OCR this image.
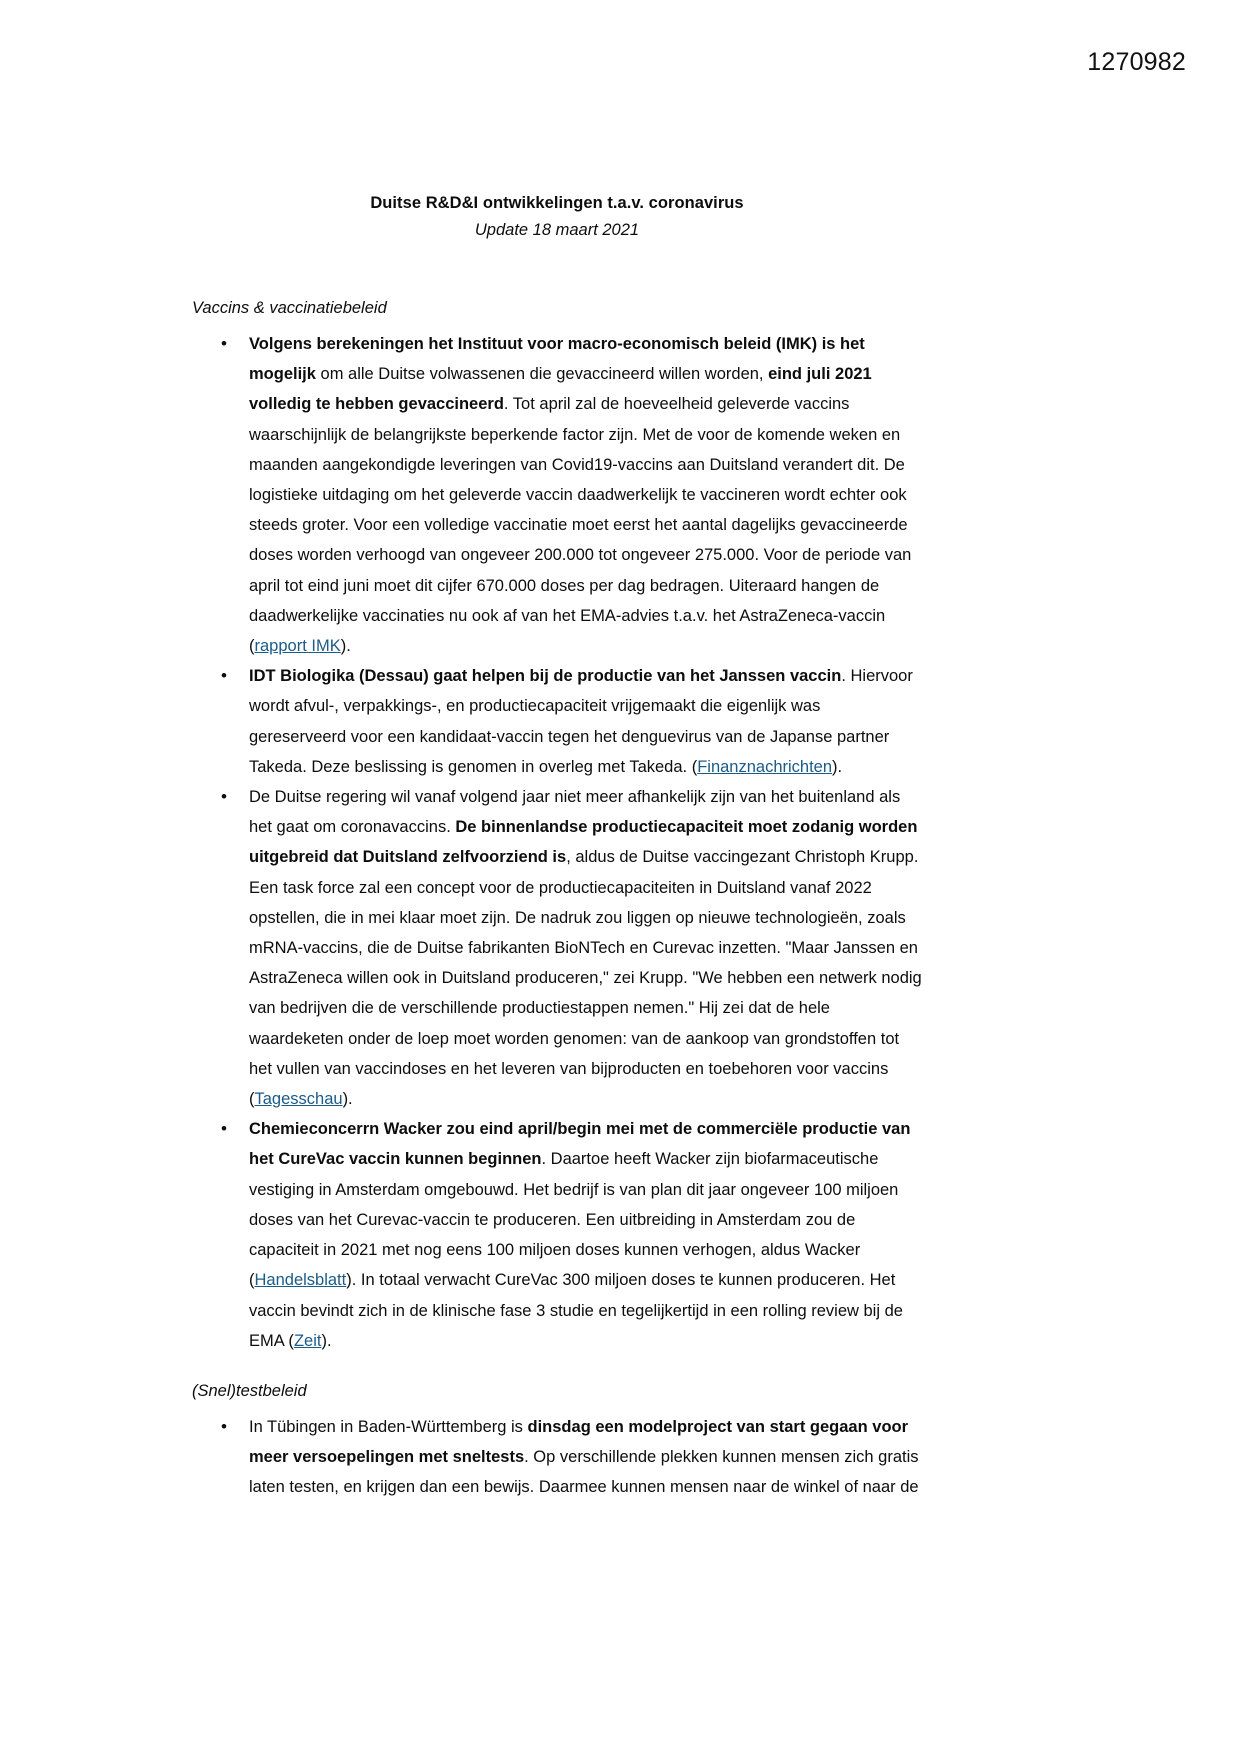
1270982
Duitse R&D&I ontwikkelingen t.a.v. coronavirus
Update 18 maart 2021
Vaccins & vaccinatiebeleid
• Volgens berekeningen het Instituut voor macro-economisch beleid (IMK) is het mogelijk om alle Duitse volwassenen die gevaccineerd willen worden, eind juli 2021 volledig te hebben gevaccineerd. Tot april zal de hoeveelheid geleverde vaccins waarschijnlijk de belangrijkste beperkende factor zijn. Met de voor de komende weken en maanden aangekondigde leveringen van Covid19-vaccins aan Duitsland verandert dit. De logistieke uitdaging om het geleverde vaccin daadwerkelijk te vaccineren wordt echter ook steeds groter. Voor een volledige vaccinatie moet eerst het aantal dagelijks gevaccineerde doses worden verhoogd van ongeveer 200.000 tot ongeveer 275.000. Voor de periode van april tot eind juni moet dit cijfer 670.000 doses per dag bedragen. Uiteraard hangen de daadwerkelijke vaccinaties nu ook af van het EMA-advies t.a.v. het AstraZeneca-vaccin (rapport IMK).
• IDT Biologika (Dessau) gaat helpen bij de productie van het Janssen vaccin. Hiervoor wordt afvul-, verpakkings-, en productiecapaciteit vrijgemaakt die eigenlijk was gereserveerd voor een kandidaat-vaccin tegen het denguevirus van de Japanse partner Takeda. Deze beslissing is genomen in overleg met Takeda. (Finanznachrichten).
• De Duitse regering wil vanaf volgend jaar niet meer afhankelijk zijn van het buitenland als het gaat om coronavaccins. De binnenlandse productiecapaciteit moet zodanig worden uitgebreid dat Duitsland zelfvoorziend is, aldus de Duitse vaccingezant Christoph Krupp. Een task force zal een concept voor de productiecapaciteiten in Duitsland vanaf 2022 opstellen, die in mei klaar moet zijn. De nadruk zou liggen op nieuwe technologieën, zoals mRNA-vaccins, die de Duitse fabrikanten BioNTech en Curevac inzetten. "Maar Janssen en AstraZeneca willen ook in Duitsland produceren," zei Krupp. "We hebben een netwerk nodig van bedrijven die de verschillende productiestappen nemen." Hij zei dat de hele waardeketen onder de loep moet worden genomen: van de aankoop van grondstoffen tot het vullen van vaccindoses en het leveren van bijproducten en toebehoren voor vaccins (Tagesschau).
• Chemieconcerrn Wacker zou eind april/begin mei met de commerciële productie van het CureVac vaccin kunnen beginnen. Daartoe heeft Wacker zijn biofarmaceutische vestiging in Amsterdam omgebouwd. Het bedrijf is van plan dit jaar ongeveer 100 miljoen doses van het Curevac-vaccin te produceren. Een uitbreiding in Amsterdam zou de capaciteit in 2021 met nog eens 100 miljoen doses kunnen verhogen, aldus Wacker (Handelsblatt). In totaal verwacht CureVac 300 miljoen doses te kunnen produceren. Het vaccin bevindt zich in de klinische fase 3 studie en tegelijkertijd in een rolling review bij de EMA (Zeit).
(Snel)testbeleid
• In Tübingen in Baden-Württemberg is dinsdag een modelproject van start gegaan voor meer versoepelingen met sneltests. Op verschillende plekken kunnen mensen zich gratis laten testen, en krijgen dan een bewijs. Daarmee kunnen mensen naar de winkel of naar de
